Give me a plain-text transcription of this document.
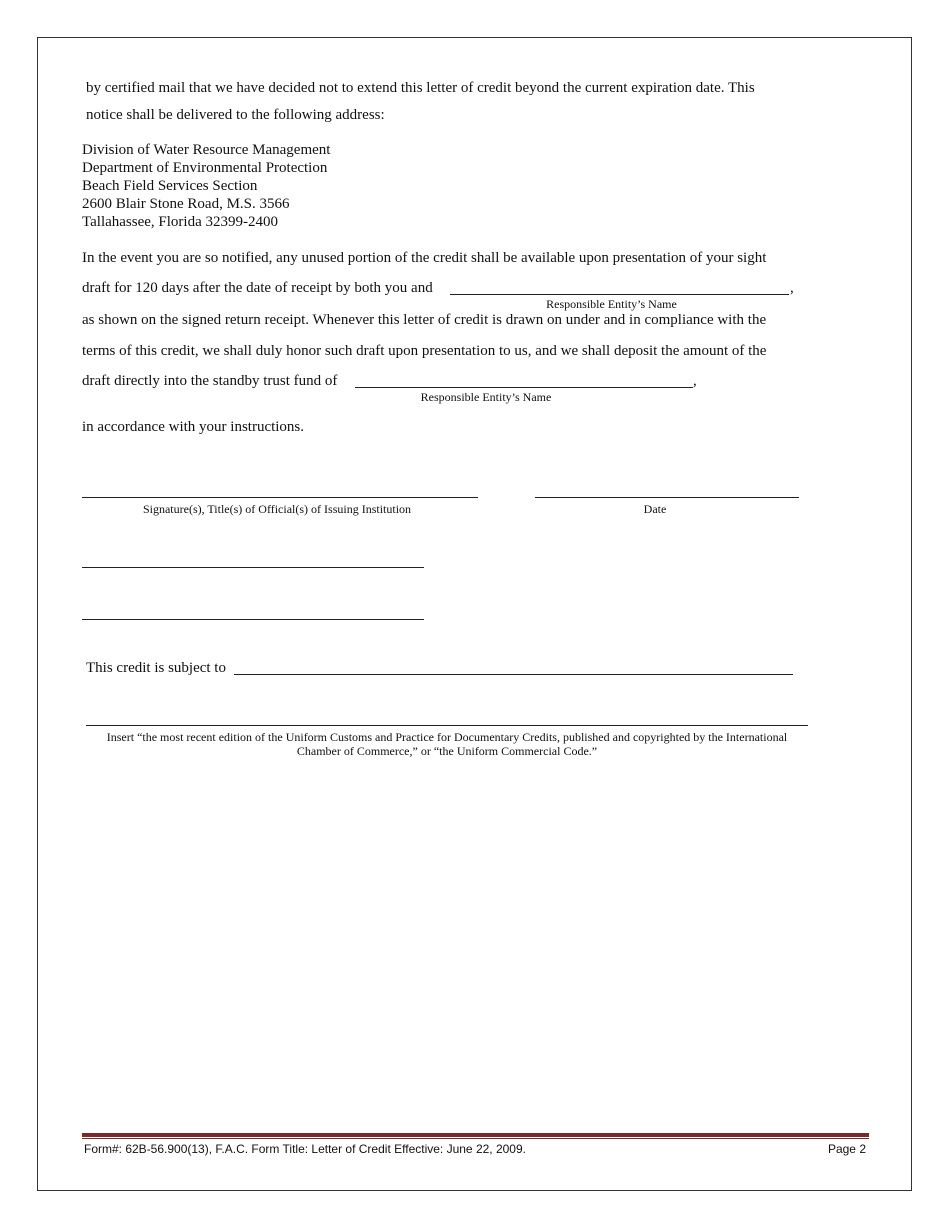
by certified mail that we have decided not to extend this letter of credit beyond the current expiration date. This
notice shall be delivered to the following address:
Division of Water Resource Management
Department of Environmental Protection
Beach Field Services Section
2600 Blair Stone Road, M.S. 3566
Tallahassee, Florida 32399-2400
In the event you are so notified, any unused portion of the credit shall be available upon presentation of your sight
draft for 120 days after the date of receipt by both you and	,
Responsible Entity’s Name
as shown on the signed return receipt. Whenever this letter of credit is drawn on under and in compliance with the
terms of this credit, we shall duly honor such draft upon presentation to us, and we shall deposit the amount of the
draft directly into the standby trust fund of	,
Responsible Entity’s Name
in accordance with your instructions.
Signature(s), Title(s) of Official(s) of Issuing Institution	Date
This credit is subject to
Insert “the most recent edition of the Uniform Customs and Practice for Documentary Credits, published and copyrighted by the International
Chamber of Commerce,” or “the Uniform Commercial Code.”
Form#: 62B-56.900(13), F.A.C. Form Title: Letter of Credit Effective: June 22, 2009.	Page 2
